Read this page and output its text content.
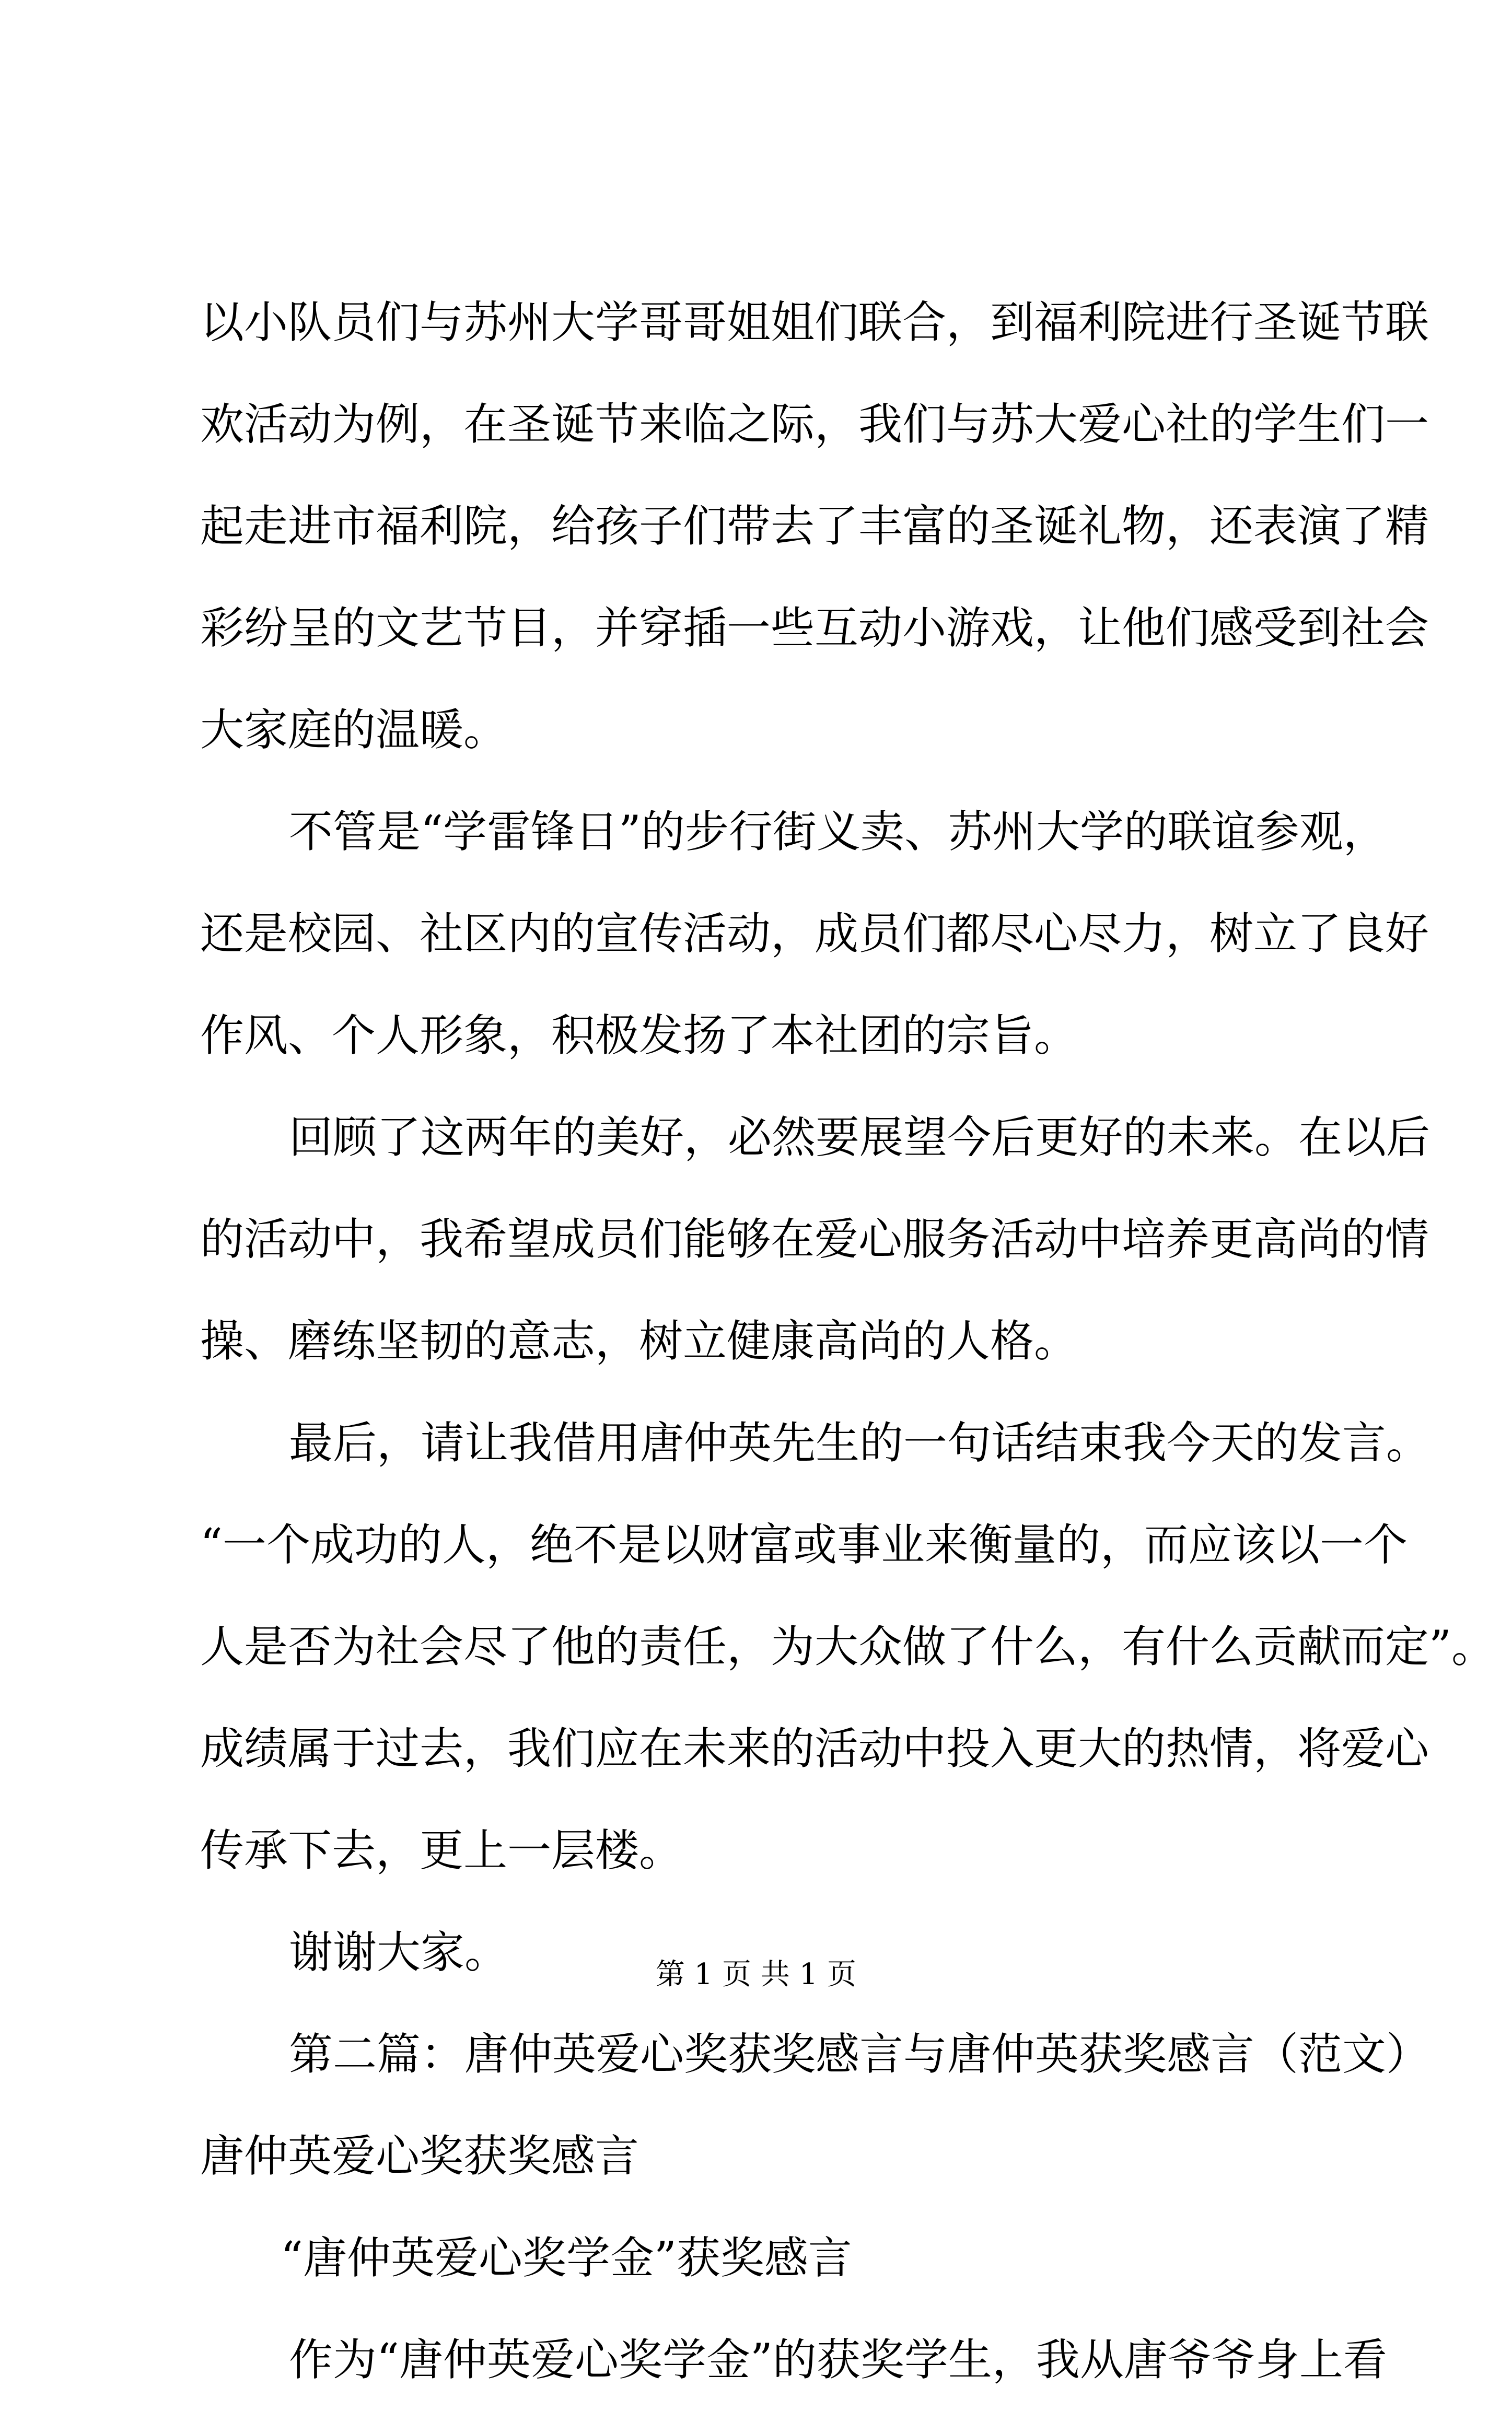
以小队员们与苏州大学哥哥姐姐们联合，到福利院进行圣诞节联
欢活动为例，在圣诞节来临之际，我们与苏大爱心社的学生们一
起走进市福利院，给孩子们带去了丰富的圣诞礼物，还表演了精
彩纷呈的文艺节目，并穿插一些互动小游戏，让他们感受到社会
大家庭的温暖。
不管是“学雷锋日”的步行街义卖、苏州大学的联谊参观，
还是校园、社区内的宣传活动，成员们都尽心尽力，树立了良好
作风、个人形象，积极发扬了本社团的宗旨。
回顾了这两年的美好，必然要展望今后更好的未来。在以后
的活动中，我希望成员们能够在爱心服务活动中培养更高尚的情
操、磨练坚韧的意志，树立健康高尚的人格。
最后，请让我借用唐仲英先生的一句话结束我今天的发言。
“一个成功的人，绝不是以财富或事业来衡量的，而应该以一个
人是否为社会尽了他的责任，为大众做了什么，有什么贡献而定”。
成绩属于过去，我们应在未来的活动中投入更大的热情，将爱心
传承下去，更上一层楼。
谢谢大家。
第二篇：唐仲英爱心奖获奖感言与唐仲英获奖感言（范文）
唐仲英爱心奖获奖感言
“唐仲英爱心奖学金”获奖感言
作为“唐仲英爱心奖学金”的获奖学生，我从唐爷爷身上看
第 1 页 共 1 页
